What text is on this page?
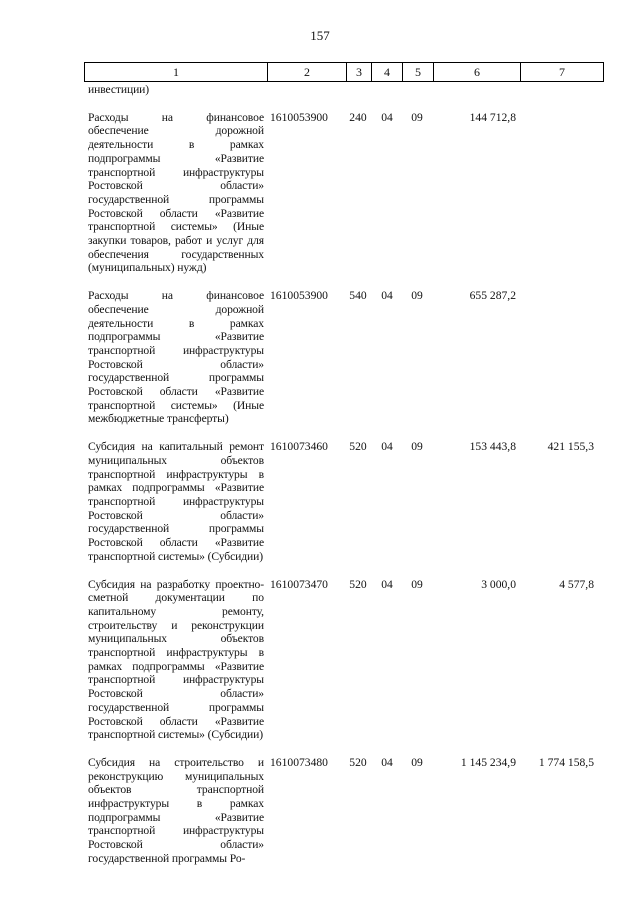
157
1	2	3	4	5	6	7
инвестиции)
Расходы на финансовое обеспечение дорожной деятельности в рамках подпрограммы «Развитие транспортной инфраструктуры Ростовской области» государственной программы Ростовской области «Развитие транспортной системы» (Иные закупки товаров, работ и услуг для обеспечения государственных (муниципальных) нужд)
1610053900	240	04	09	144 712,8
Расходы на финансовое обеспечение дорожной деятельности в рамках подпрограммы «Развитие транспортной инфраструктуры Ростовской области» государственной программы Ростовской области «Развитие транспортной системы» (Иные межбюджетные трансферты)
1610053900	540	04	09	655 287,2
Субсидия на капитальный ремонт муниципальных объектов транспортной инфраструктуры в рамках подпрограммы «Развитие транспортной инфраструктуры Ростовской области» государственной программы Ростовской области «Развитие транспортной системы» (Субсидии)
1610073460	520	04	09	153 443,8	421 155,3
Субсидия на разработку проектно-сметной документации по капитальному ремонту, строительству и реконструкции муниципальных объектов транспортной инфраструктуры в рамках подпрограммы «Развитие транспортной инфраструктуры Ростовской области» государственной программы Ростовской области «Развитие транспортной системы» (Субсидии)
1610073470	520	04	09	3 000,0	4 577,8
Субсидия на строительство и реконструкцию муниципальных объектов транспортной инфраструктуры в рамках подпрограммы «Развитие транспортной инфраструктуры Ростовской области» государственной программы Ро-
1610073480	520	04	09	1 145 234,9	1 774 158,5
